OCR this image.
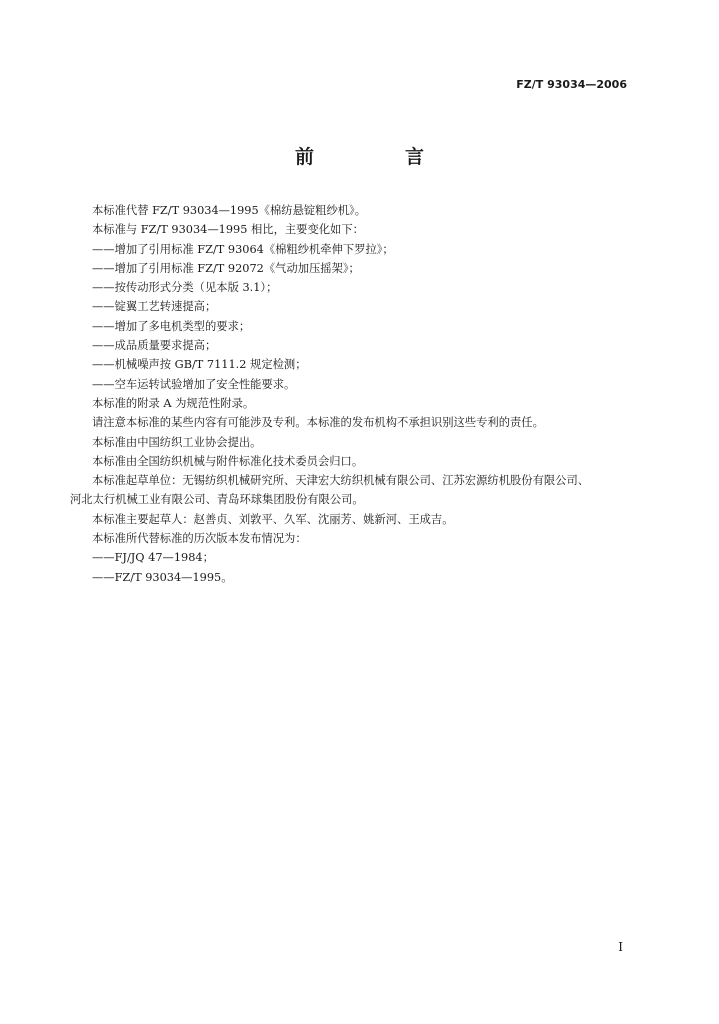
FZ/T 93034—2006
前　言
本标准代替 FZ/T 93034—1995《棉纺悬锭粗纱机》。
本标准与 FZ/T 93034—1995 相比，主要变化如下：
——增加了引用标准 FZ/T 93064《棉粗纱机牵伸下罗拉》；
——增加了引用标准 FZ/T 92072《气动加压摇架》；
——按传动形式分类（见本版 3.1）；
——锭翼工艺转速提高；
——增加了多电机类型的要求；
——成品质量要求提高；
——机械噪声按 GB/T 7111.2 规定检测；
——空车运转试验增加了安全性能要求。
本标准的附录 A 为规范性附录。
请注意本标准的某些内容有可能涉及专利。本标准的发布机构不承担识别这些专利的责任。
本标准由中国纺织工业协会提出。
本标准由全国纺织机械与附件标准化技术委员会归口。
本标准起草单位：无锡纺织机械研究所、天津宏大纺织机械有限公司、江苏宏源纺机股份有限公司、
河北太行机械工业有限公司、青岛环球集团股份有限公司。
本标准主要起草人：赵善贞、刘敦平、久军、沈丽芳、姚新河、王成吉。
本标准所代替标准的历次版本发布情况为：
——FJ/JQ 47—1984；
——FZ/T 93034—1995。
I
